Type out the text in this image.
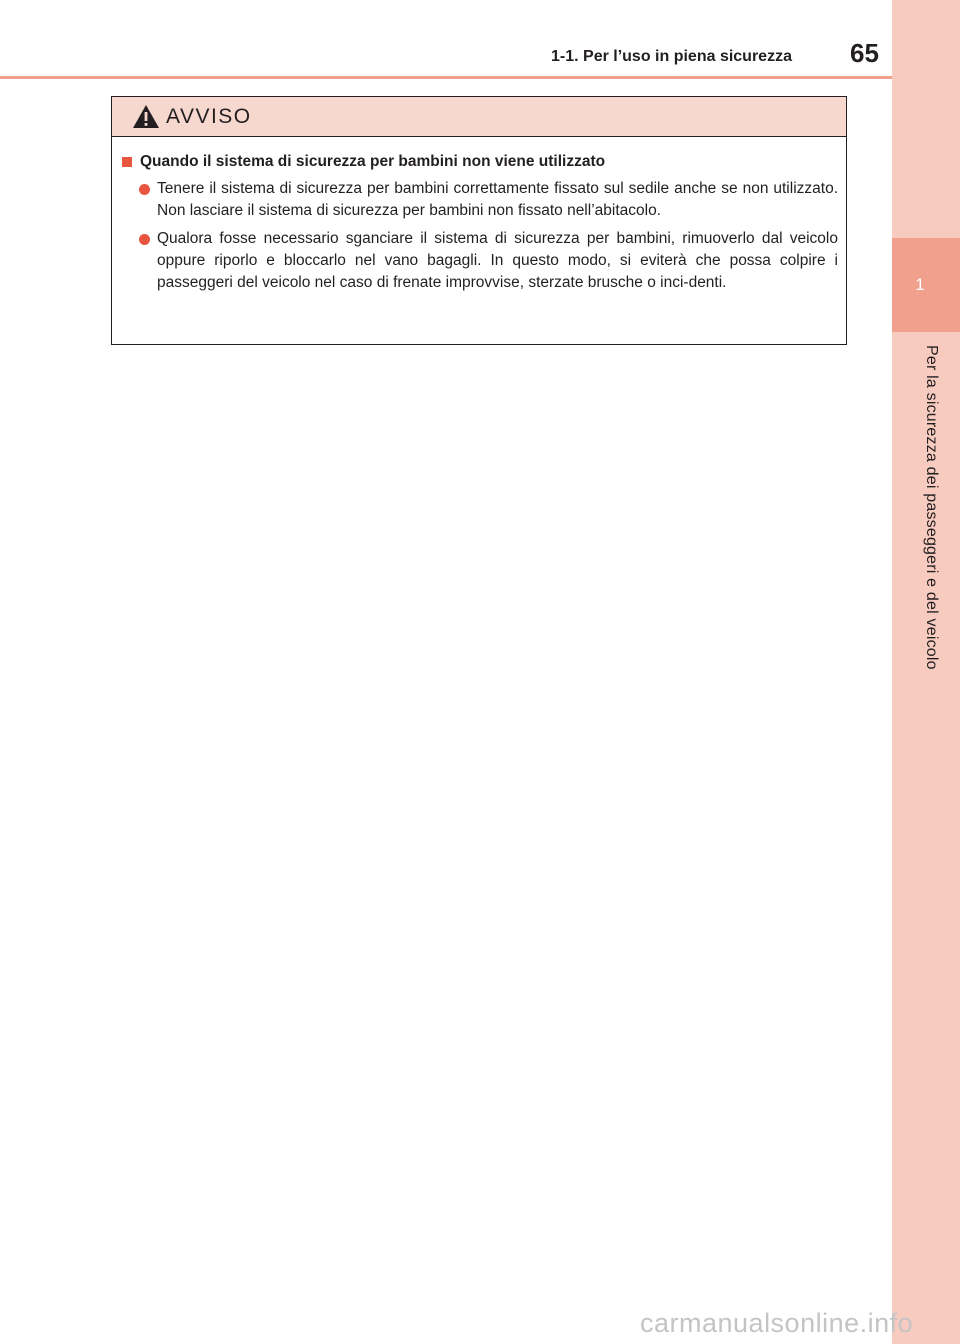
1
Per la sicurezza dei passeggeri e del veicolo
1-1. Per l’uso in piena sicurezza 65
AVVISO
Quando il sistema di sicurezza per bambini non viene utilizzato
Tenere il sistema di sicurezza per bambini correttamente fissato sul sedile anche se non utilizzato. Non lasciare il sistema di sicurezza per bambini non fissato nell’abitacolo.
Qualora fosse necessario sganciare il sistema di sicurezza per bambini, rimuoverlo dal veicolo oppure riporlo e bloccarlo nel vano bagagli. In questo modo, si eviterà che possa colpire i passeggeri del veicolo nel caso di frenate improvvise, sterzate brusche o inci-denti.
carmanualsonline.info
